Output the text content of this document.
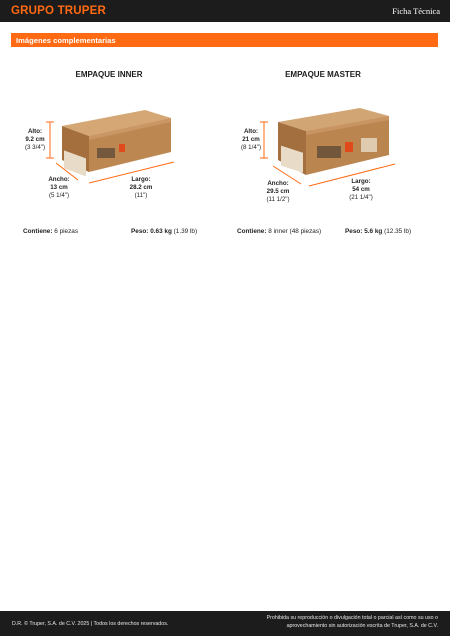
GRUPO TRUPER	Ficha Técnica
Imágenes complementarias
EMPAQUE INNER
Alto:
9.2 cm
(3 3/4")
Ancho:
13 cm
(5 1/4")
Largo:
28.2 cm
(11")
Contiene: 6 piezas	Peso: 0.63 kg (1.39 lb)
EMPAQUE MASTER
Alto:
21 cm
(8 1/4")
Ancho:
29.5 cm
(11 1/2")
Largo:
54 cm
(21 1/4")
Contiene: 8 inner (48 piezas)	Peso: 5.6 kg (12.35 lb)
D.R. © Truper, S.A. de C.V. 2025 | Todos los derechos reservados.
Prohibida su reproducción o divulgación total o parcial así como su uso o
aprovechamiento sin autorización escrita de Truper, S.A. de C.V.
